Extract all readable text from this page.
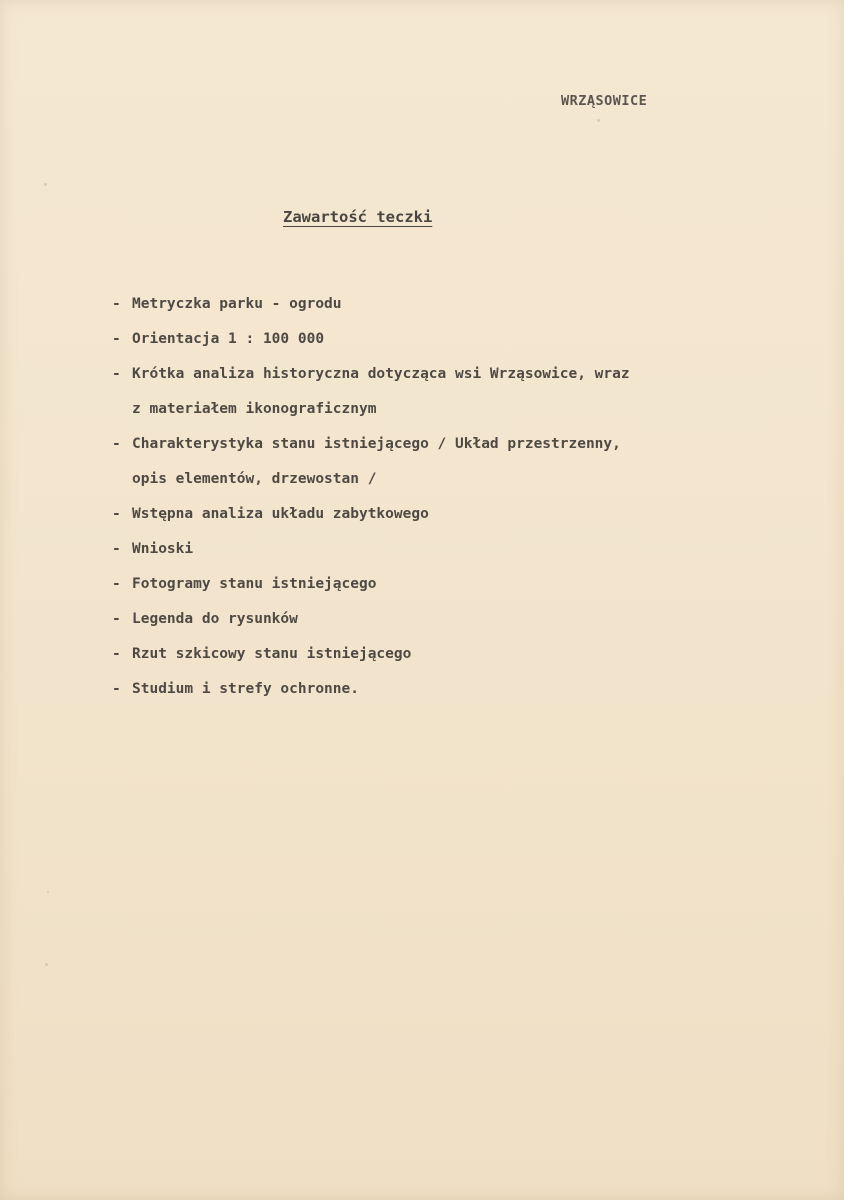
WRZĄSOWICE
Zawartość teczki
- Metryczka parku - ogrodu
- Orientacja 1 : 100 000
- Krótka analiza historyczna dotycząca wsi Wrząsowice, wraz
z materiałem ikonograficznym
- Charakterystyka stanu istniejącego / Układ przestrzenny,
opis elementów, drzewostan /
- Wstępna analiza układu zabytkowego
- Wnioski
- Fotogramy stanu istniejącego
- Legenda do rysunków
- Rzut szkicowy stanu istniejącego
- Studium i strefy ochronne.
